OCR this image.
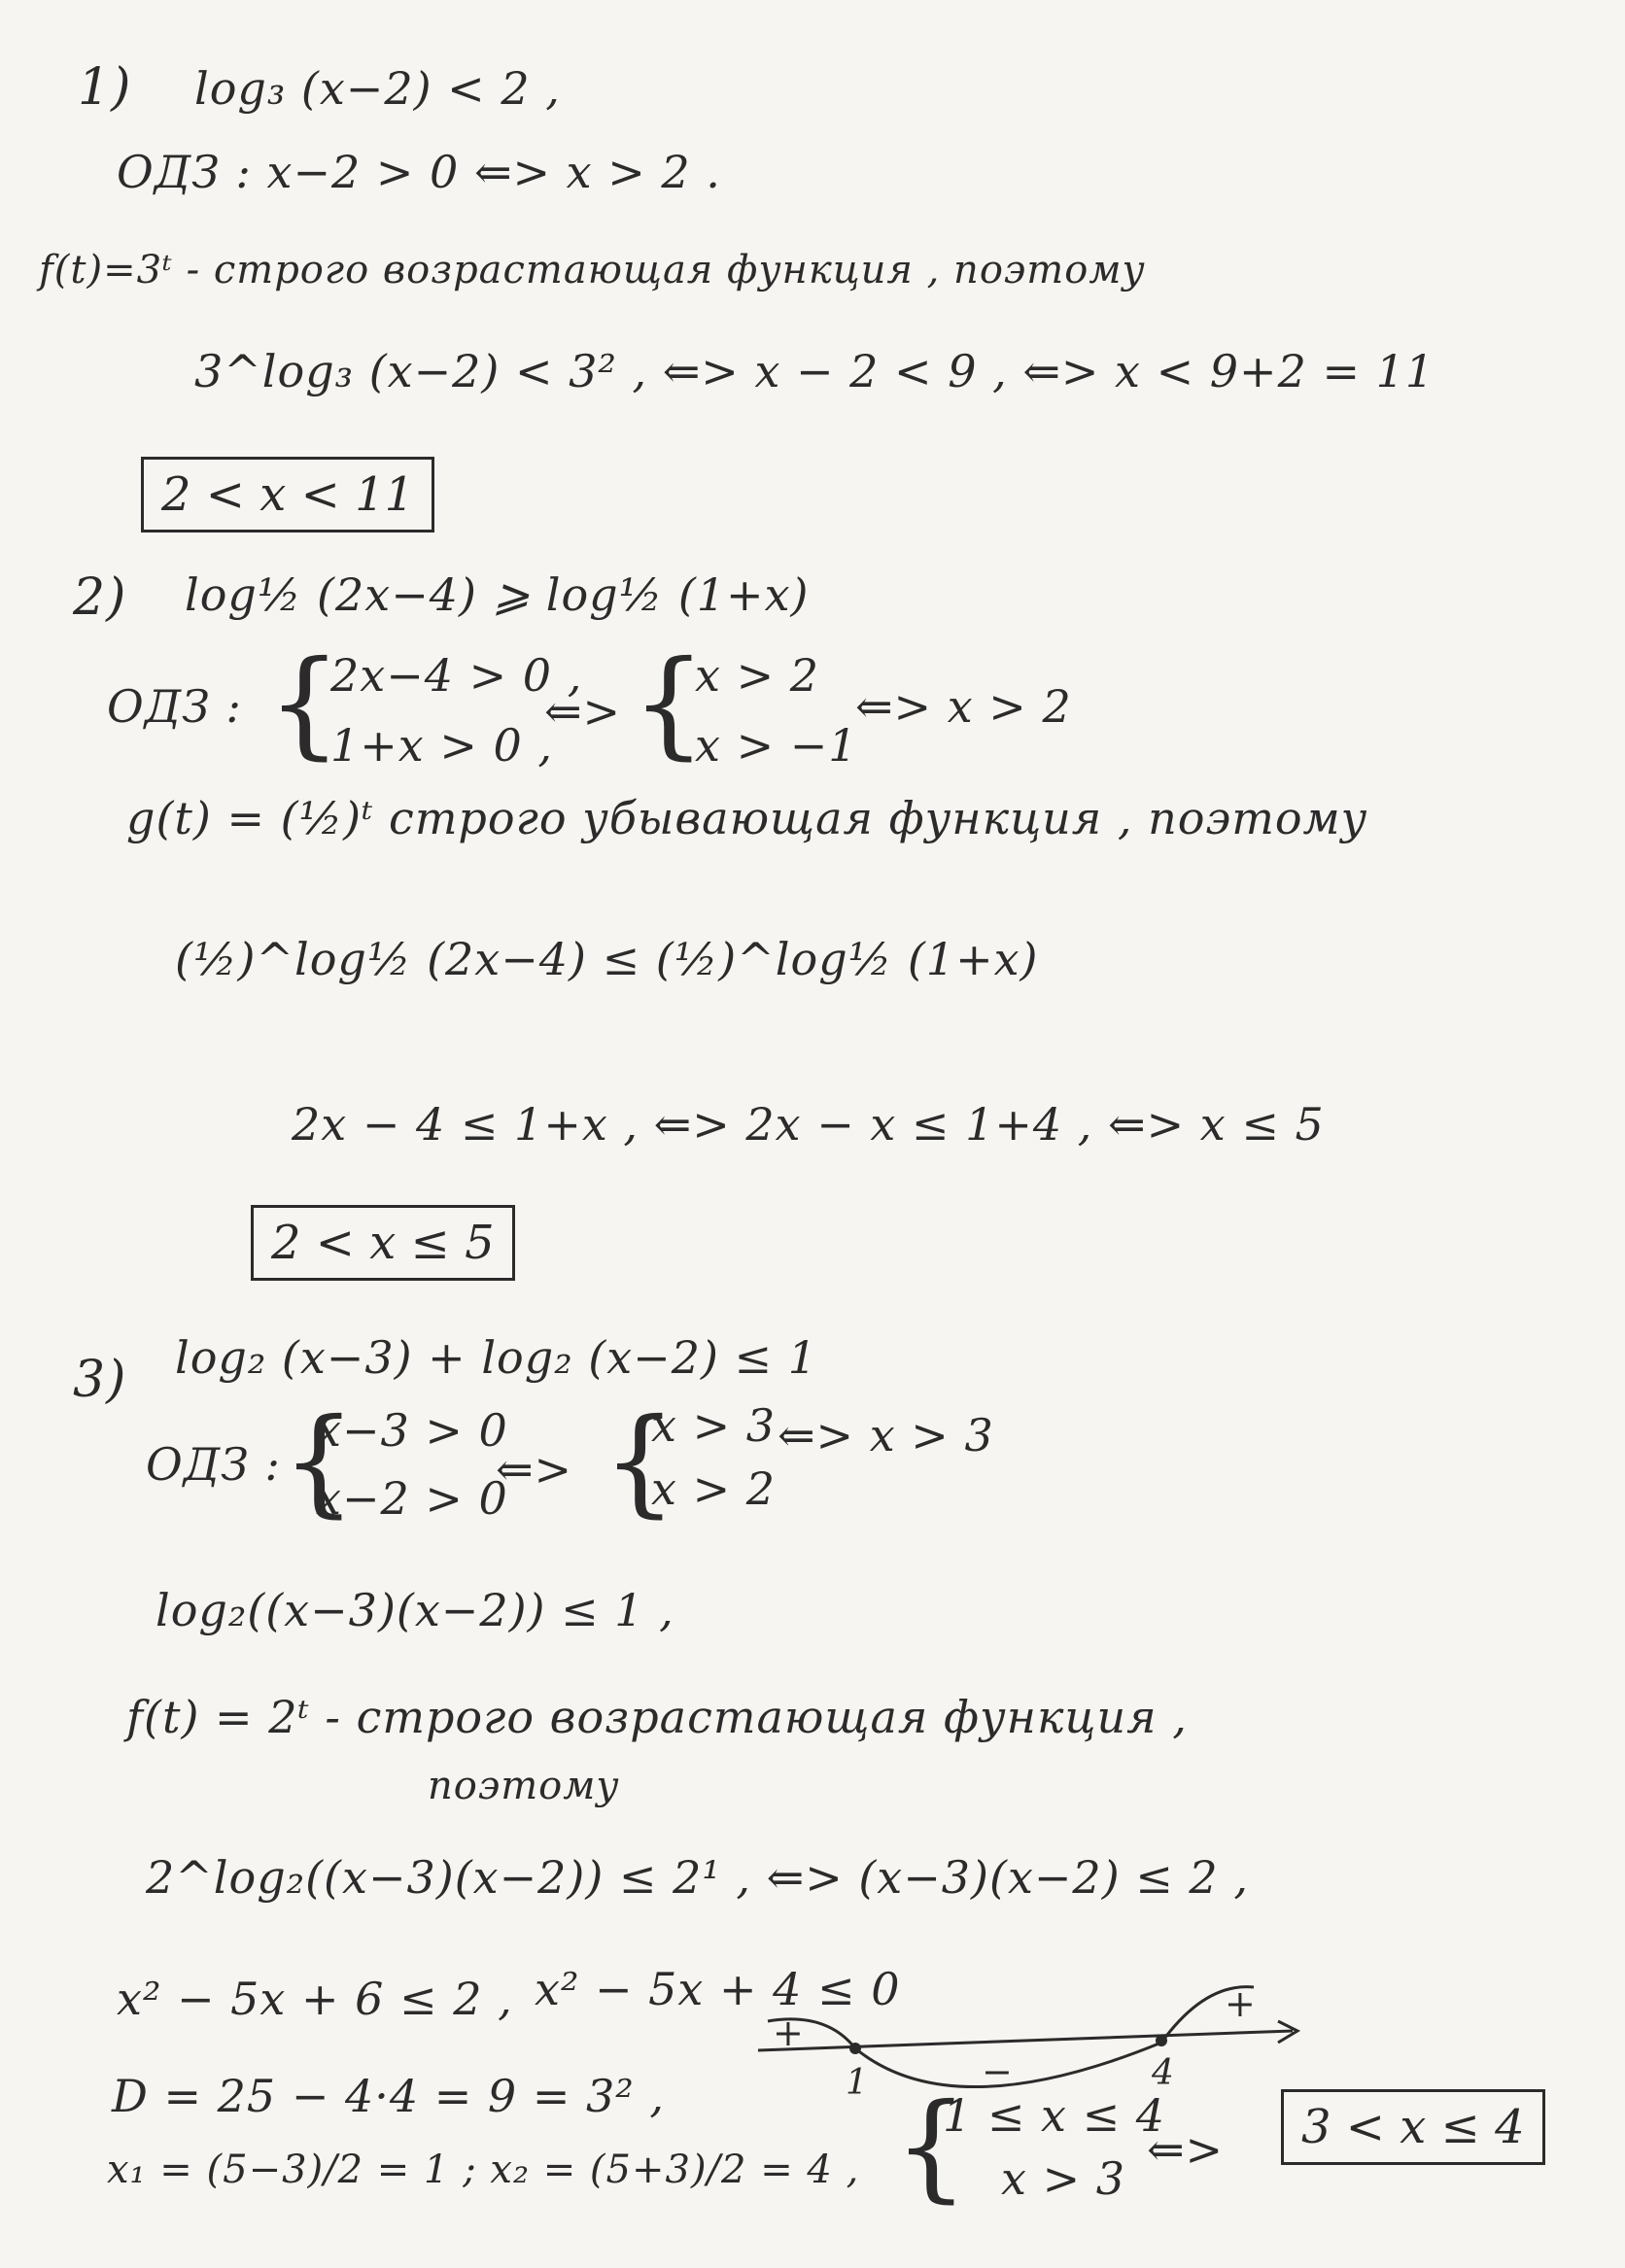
1) log₃ (x−2) < 2 ,
ОДЗ : x−2 > 0 ⇐> x > 2 .
f(t)=3ᵗ - строго возрастающая функция , поэтому
3^log₃ (x−2) < 3² , ⇐> x − 2 < 9 , ⇐> x < 9+2 = 11
2 < x < 11
2) log½ (2x−4) ⩾ log½ (1+x)
ОДЗ : {
2x−4 > 0 ,
1+x > 0 ,
⇐> {
x > 2
x > −1
⇐> x > 2
g(t) = (½)ᵗ строго убывающая функция , поэтому
(½)^log½ (2x−4) ≤ (½)^log½ (1+x)
2x − 4 ≤ 1+x , ⇐> 2x − x ≤ 1+4 , ⇐> x ≤ 5
2 < x ≤ 5
3) log₂ (x−3) + log₂ (x−2) ≤ 1
ОДЗ : {
x−3 > 0
x−2 > 0
⇐> {
x > 3
x > 2
⇐> x > 3
log₂((x−3)(x−2)) ≤ 1 ,
f(t) = 2ᵗ - строго возрастающая функция ,
поэтому
2^log₂((x−3)(x−2)) ≤ 2¹ , ⇐> (x−3)(x−2) ≤ 2 ,
x² − 5x + 6 ≤ 2 , x² − 5x + 4 ≤ 0
D = 25 − 4·4 = 9 = 3² ,
x₁ = (5−3)/2 = 1 ; x₂ = (5+3)/2 = 4 ,
1	4
+
−
+
{
1 ≤ x ≤ 4
x > 3
⇐>	3 < x ≤ 4
